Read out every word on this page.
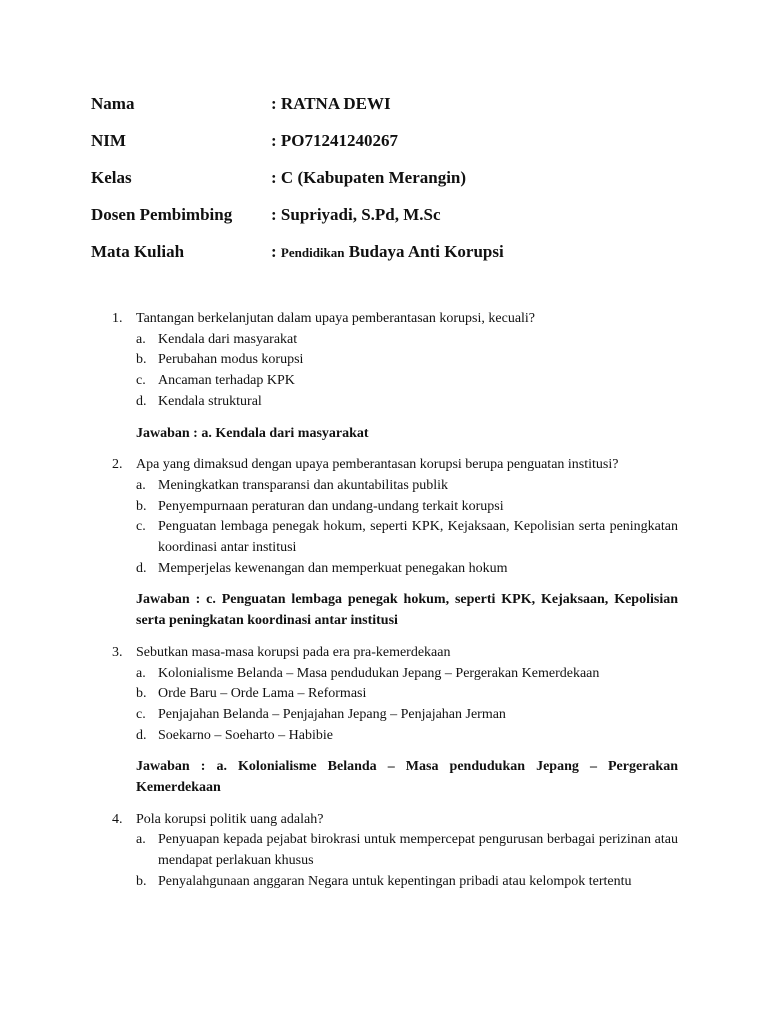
Nama	: RATNA DEWI
NIM	: PO71241240267
Kelas	: C (Kabupaten Merangin)
Dosen Pembimbing : Supriyadi, S.Pd, M.Sc
Mata Kuliah	: Pendidikan Budaya Anti Korupsi
1. Tantangan berkelanjutan dalam upaya pemberantasan korupsi, kecuali?
a. Kendala dari masyarakat
b. Perubahan modus korupsi
c. Ancaman terhadap KPK
d. Kendala struktural
Jawaban : a. Kendala dari masyarakat
2. Apa yang dimaksud dengan upaya pemberantasan korupsi berupa penguatan institusi?
a. Meningkatkan transparansi dan akuntabilitas publik
b. Penyempurnaan peraturan dan undang-undang terkait korupsi
c. Penguatan lembaga penegak hokum, seperti KPK, Kejaksaan, Kepolisian serta peningkatan koordinasi antar institusi
d. Memperjelas kewenangan dan memperkuat penegakan hokum
Jawaban : c. Penguatan lembaga penegak hokum, seperti KPK, Kejaksaan, Kepolisian serta peningkatan koordinasi antar institusi
3. Sebutkan masa-masa korupsi pada era pra-kemerdekaan
a. Kolonialisme Belanda – Masa pendudukan Jepang – Pergerakan Kemerdekaan
b. Orde Baru – Orde Lama – Reformasi
c. Penjajahan Belanda – Penjajahan Jepang – Penjajahan Jerman
d. Soekarno – Soeharto – Habibie
Jawaban : a. Kolonialisme Belanda – Masa pendudukan Jepang – Pergerakan Kemerdekaan
4. Pola korupsi politik uang adalah?
a. Penyuapan kepada pejabat birokrasi untuk mempercepat pengurusan berbagai perizinan atau mendapat perlakuan khusus
b. Penyalahgunaan anggaran Negara untuk kepentingan pribadi atau kelompok tertentu
